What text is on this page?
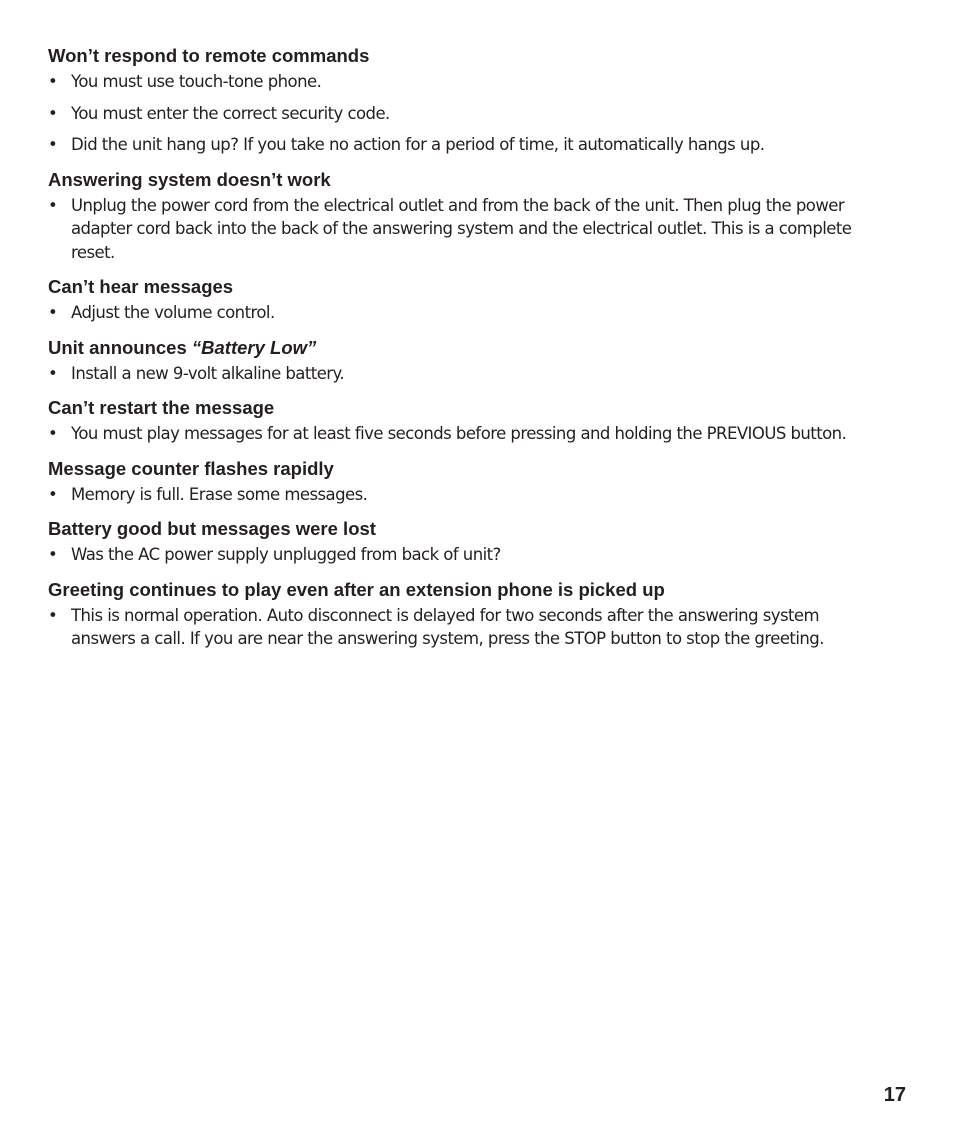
Won’t respond to remote commands
• You must use touch-tone phone.
• You must enter the correct security code.
• Did the unit hang up? If you take no action for a period of time, it automatically hangs up.
Answering system doesn’t work
• Unplug the power cord from the electrical outlet and from the back of the unit. Then plug the power adapter cord back into the back of the answering system and the electrical outlet. This is a complete reset.
Can’t hear messages
• Adjust the volume control.
Unit announces “Battery Low”
• Install a new 9-volt alkaline battery.
Can’t restart the message
• You must play messages for at least five seconds before pressing and holding the PREVIOUS button.
Message counter flashes rapidly
• Memory is full. Erase some messages.
Battery good but messages were lost
• Was the AC power supply unplugged from back of unit?
Greeting continues to play even after an extension phone is picked up
• This is normal operation. Auto disconnect is delayed for two seconds after the answering system answers a call. If you are near the answering system, press the STOP button to stop the greeting.
17
